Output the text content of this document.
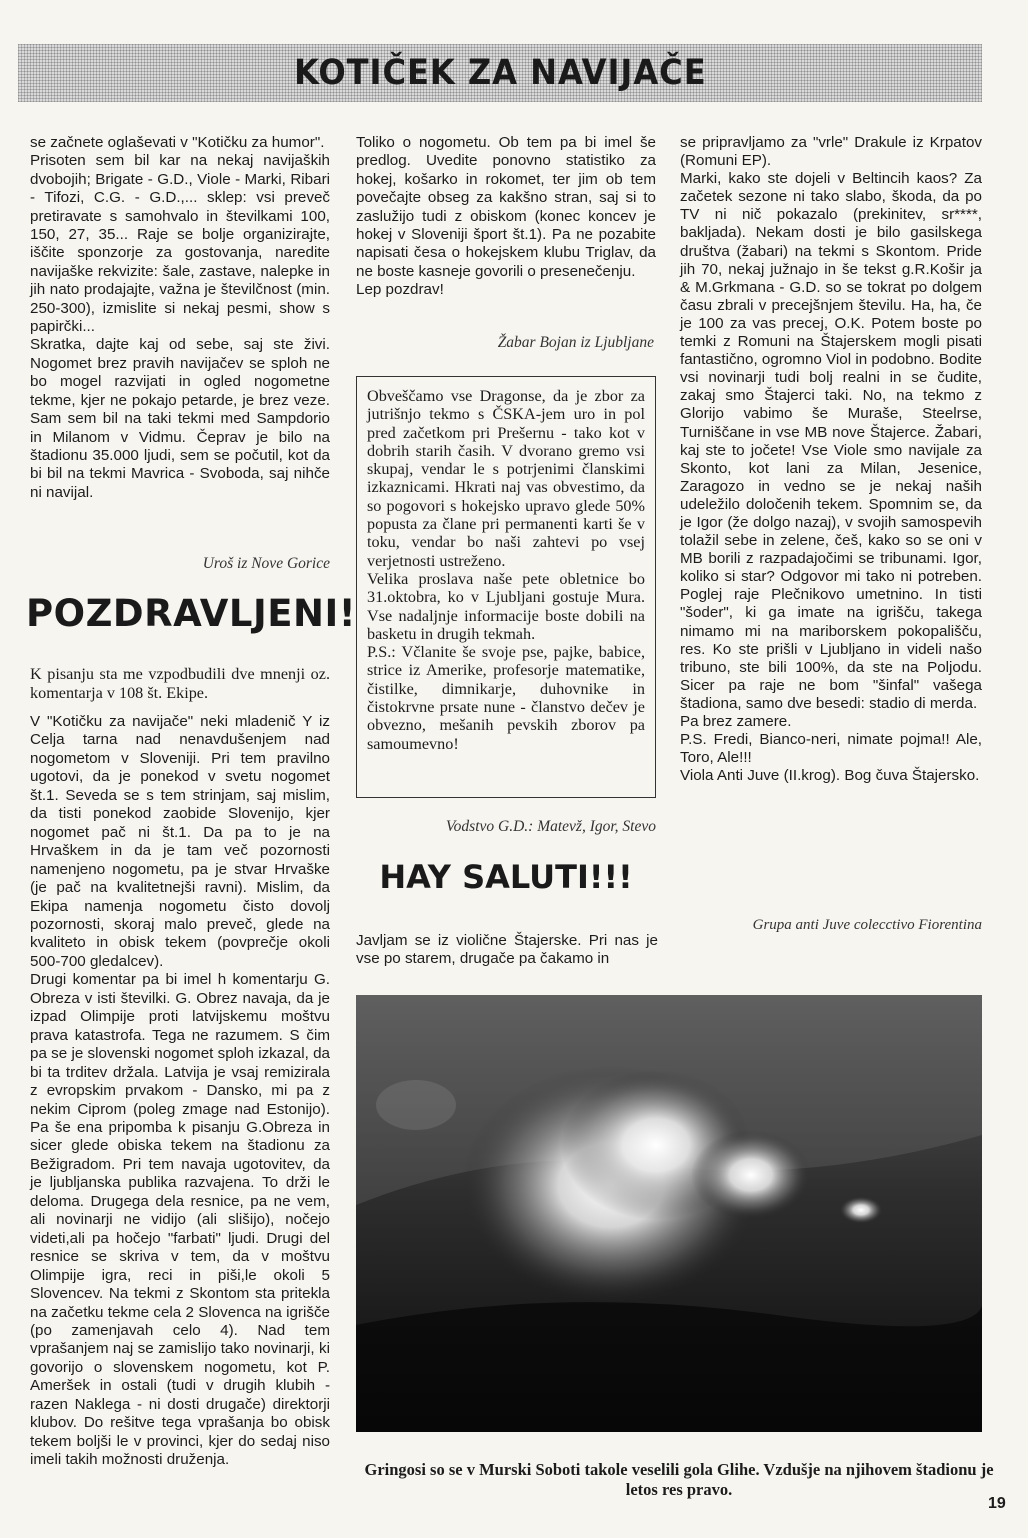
KOTIČEK ZA NAVIJAČE

se začnete oglaševati v "Kotičku za humor".
Prisoten sem bil kar na nekaj navijaških dvobojih; Brigate - G.D., Viole - Marki, Ribari - Tifozi, C.G. - G.D.,... sklep: vsi preveč pretiravate s samohvalo in številkami 100, 150, 27, 35... Raje se bolje organizirajte, iščite sponzorje za gostovanja, naredite navijaške rekvizite: šale, zastave, nalepke in jih nato prodajajte, važna je številčnost (min. 250-300), izmislite si nekaj pesmi, show s papirčki...
Skratka, dajte kaj od sebe, saj ste živi. Nogomet brez pravih navijačev se sploh ne bo mogel razvijati in ogled nogometne tekme, kjer ne pokajo petarde, je brez veze. Sam sem bil na taki tekmi med Sampdorio in Milanom v Vidmu. Čeprav je bilo na štadionu 35.000 ljudi, sem se počutil, kot da bi bil na tekmi Mavrica - Svoboda, saj nihče ni navijal.

Uroš iz Nove Gorice

POZDRAVLJENI!

K pisanju sta me vzpodbudili dve mnenji oz. komentarja v 108 št. Ekipe.

V "Kotičku za navijače" neki mladenič Y iz Celja tarna nad nenavdušenjem nad nogometom v Sloveniji. Pri tem pravilno ugotovi, da je ponekod v svetu nogomet št.1. Seveda se s tem strinjam, saj mislim, da tisti ponekod zaobide Slovenijo, kjer nogomet pač ni št.1. Da pa to je na Hrvaškem in da je tam več pozornosti namenjeno nogometu, pa je stvar Hrvaške (je pač na kvalitetnejši ravni). Mislim, da Ekipa namenja nogometu čisto dovolj pozornosti, skoraj malo preveč, glede na kvaliteto in obisk tekem (povprečje okoli 500-700 gledalcev).
Drugi komentar pa bi imel h komentarju G. Obreza v isti številki. G. Obrez navaja, da je izpad Olimpije proti latvijskemu moštvu prava katastrofa. Tega ne razumem. S čim pa se je slovenski nogomet sploh izkazal, da bi ta trditev držala. Latvija je vsaj remizirala z evropskim prvakom - Dansko, mi pa z nekim Ciprom (poleg zmage nad Estonijo). Pa še ena pripomba k pisanju G.Obreza in sicer glede obiska tekem na štadionu za Bežigradom. Pri tem navaja ugotovitev, da je ljubljanska publika razvajena. To drži le deloma. Drugega dela resnice, pa ne vem, ali novinarji ne vidijo (ali slišijo), nočejo videti,ali pa hočejo "farbati" ljudi. Drugi del resnice se skriva v tem, da v moštvu Olimpije igra, reci in piši,le okoli 5 Slovencev. Na tekmi z Skontom sta pritekla na začetku tekme cela 2 Slovenca na igrišče (po zamenjavah celo 4). Nad tem vprašanjem naj se zamislijo tako novinarji, ki govorijo o slovenskem nogometu, kot P. Ameršek in ostali (tudi v drugih klubih - razen Naklega - ni dosti drugače) direktorji klubov. Do rešitve tega vprašanja bo obisk tekem boljši le v provinci, kjer do sedaj niso imeli takih možnosti druženja.

Toliko o nogometu. Ob tem pa bi imel še predlog. Uvedite ponovno statistiko za hokej, košarko in rokomet, ter jim ob tem povečajte obseg za kakšno stran, saj si to zaslužijo tudi z obiskom (konec koncev je hokej v Sloveniji šport št.1). Pa ne pozabite napisati česa o hokejskem klubu Triglav, da ne boste kasneje govorili o presenečenju.
Lep pozdrav!

Žabar Bojan iz Ljubljane

Obveščamo vse Dragonse, da je zbor za jutrišnjo tekmo s ČSKA-jem uro in pol pred začetkom pri Prešernu - tako kot v dobrih starih časih. V dvorano gremo vsi skupaj, vendar le s potrjenimi članskimi izkaznicami. Hkrati naj vas obvestimo, da so pogovori s hokejsko upravo glede 50% popusta za člane pri permanenti karti še v toku, vendar bo naši zahtevi po vsej verjetnosti ustreženo.
Velika proslava naše pete obletnice bo 31.oktobra, ko v Ljubljani gostuje Mura. Vse nadaljnje informacije boste dobili na basketu in drugih tekmah.
P.S.: Včlanite še svoje pse, pajke, babice, strice iz Amerike, profesorje matematike, čistilke, dimnikarje, duhovnike in čistokrvne prsate nune - članstvo dečev je obvezno, mešanih pevskih zborov pa samoumevno!

Vodstvo G.D.: Matevž, Igor, Stevo

HAY SALUTI!!!

Javljam se iz violične Štajerske. Pri nas je vse po starem, drugače pa čakamo in

se pripravljamo za "vrle" Drakule iz Krpatov (Romuni EP).
Marki, kako ste dojeli v Beltincih kaos? Za začetek sezone ni tako slabo, škoda, da po TV ni nič pokazalo (prekinitev, sr****, bakljada). Nekam dosti je bilo gasilskega društva (žabari) na tekmi s Skontom. Pride jih 70, nekaj južnajo in še tekst g.R.Košir ja & M.Grkmana - G.D. so se tokrat po dolgem času zbrali v precejšnjem številu. Ha, ha, če je 100 za vas precej, O.K. Potem boste po temki z Romuni na Štajerskem mogli pisati fantastično, ogromno Viol in podobno. Bodite vsi novinarji tudi bolj realni in se čudite, zakaj smo Štajerci taki. No, na tekmo z Glorijo vabimo še Muraše, Steelrse, Turniščane in vse MB nove Štajerce. Žabari, kaj ste to jočete! Vse Viole smo navijale za Skonto, kot lani za Milan, Jesenice, Zaragozo in vedno se je nekaj naših udeležilo določenih tekem. Spomnim se, da je Igor (že dolgo nazaj), v svojih samospevih tolažil sebe in zelene, češ, kako so se oni v MB borili z razpadajočimi se tribunami. Igor, koliko si star? Odgovor mi tako ni potreben. Poglej raje Plečnikovo umetnino. In tisti "šoder", ki ga imate na igrišču, takega nimamo mi na mariborskem pokopališču, res. Ko ste prišli v Ljubljano in videli našo tribuno, ste bili 100%, da ste na Poljodu. Sicer pa raje ne bom "šinfal" vašega štadiona, samo dve besedi: stadio di merda.
Pa brez zamere.
P.S. Fredi, Bianco-neri, nimate pojma!! Ale, Toro, Ale!!!
Viola Anti Juve (II.krog). Bog čuva Štajersko.

Grupa anti Juve colecctivo Fiorentina

Gringosi so se v Murski Soboti takole veselili gola Glihe. Vzdušje na njihovem štadionu je letos res pravo.

19
